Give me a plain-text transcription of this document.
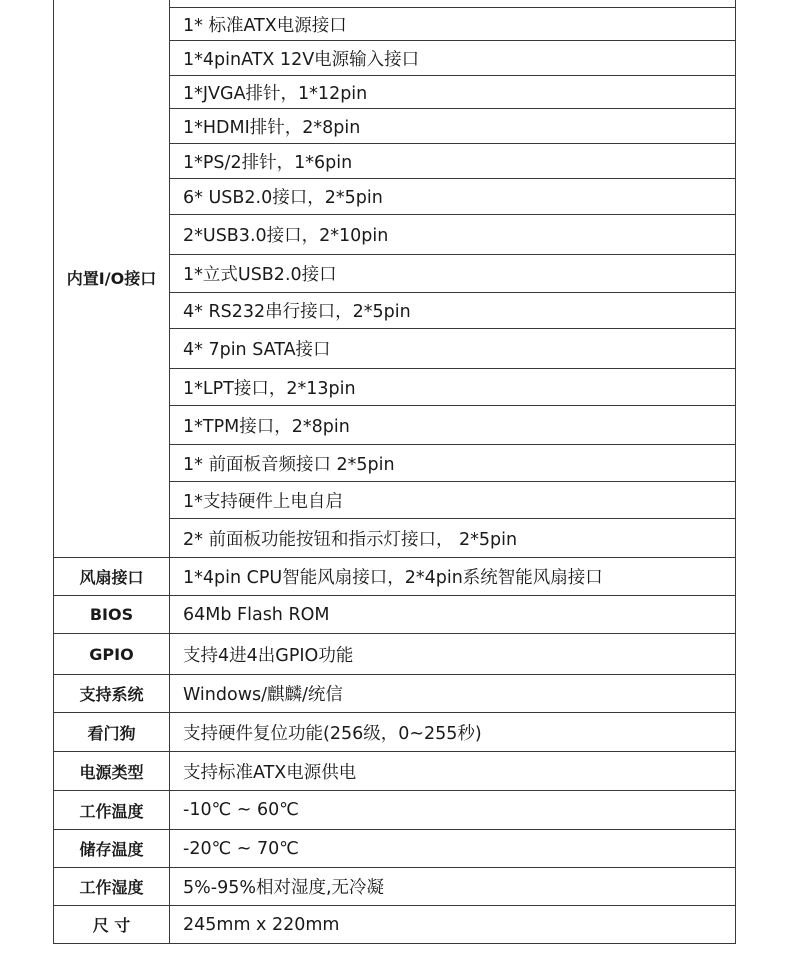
内置I/O接口	
	1* 标准ATX电源接口
	1*4pinATX 12V电源输入接口
	1*JVGA排针，1*12pin
	1*HDMI排针，2*8pin
	1*PS/2排针，1*6pin
	6* USB2.0接口，2*5pin
	2*USB3.0接口，2*10pin
	1*立式USB2.0接口
	4* RS232串行接口，2*5pin
	4* 7pin SATA接口
	1*LPT接口，2*13pin
	1*TPM接口，2*8pin
	1* 前面板音频接口 2*5pin
	1*支持硬件上电自启
	2* 前面板功能按钮和指示灯接口， 2*5pin
风扇接口	1*4pin CPU智能风扇接口，2*4pin系统智能风扇接口
BIOS	64Mb Flash ROM
GPIO	支持4进4出GPIO功能
支持系统	Windows/麒麟/统信
看门狗	支持硬件复位功能(256级，0~255秒)
电源类型	支持标准ATX电源供电
工作温度	-10℃ ~ 60℃
储存温度	-20℃ ~ 70℃
工作湿度	5%-95%相对湿度,无冷凝
尺 寸	245mm x 220mm
